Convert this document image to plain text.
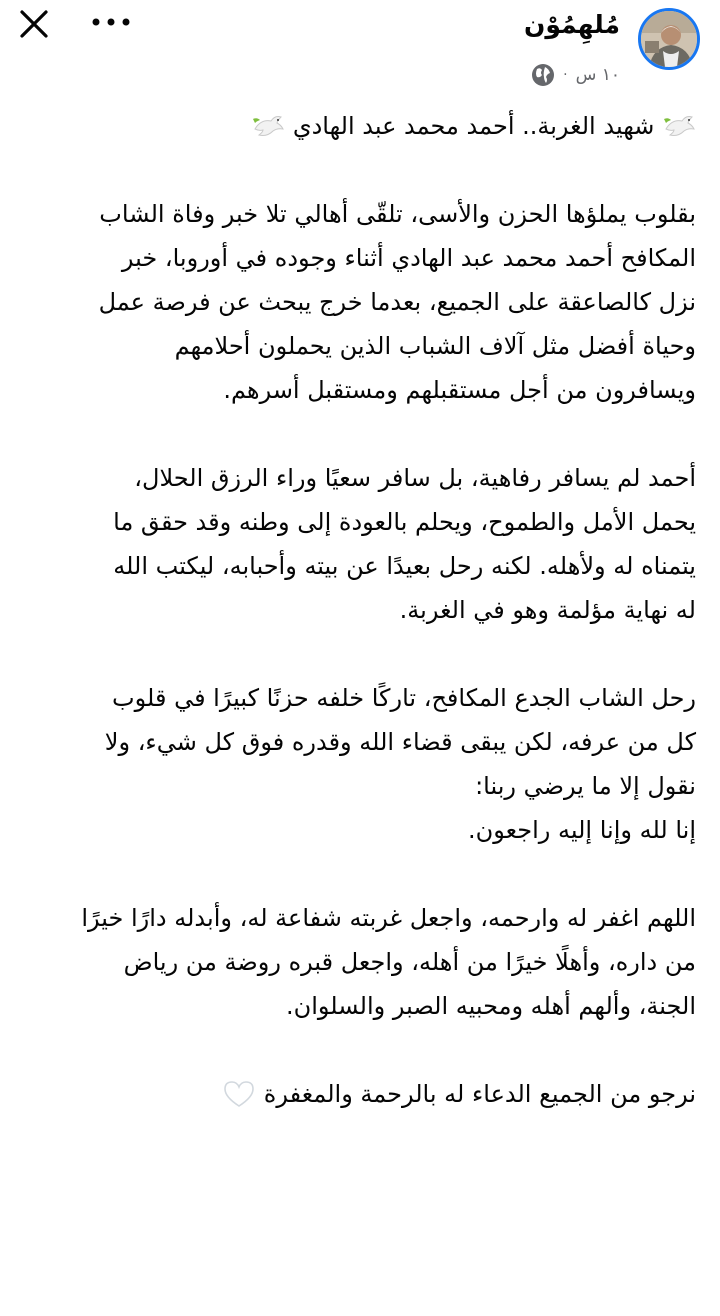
مُلهِمُوْن
١٠ س
·

شهيد الغربة.. أحمد محمد عبد الهادي

بقلوب يملؤها الحزن والأسى، تلقّى أهالي تلا خبر وفاة الشاب
المكافح أحمد محمد عبد الهادي أثناء وجوده في أوروبا، خبر
نزل كالصاعقة على الجميع، بعدما خرج يبحث عن فرصة عمل
وحياة أفضل مثل آلاف الشباب الذين يحملون أحلامهم
ويسافرون من أجل مستقبلهم ومستقبل أسرهم.

أحمد لم يسافر رفاهية، بل سافر سعيًا وراء الرزق الحلال،
يحمل الأمل والطموح، ويحلم بالعودة إلى وطنه وقد حقق ما
يتمناه له ولأهله. لكنه رحل بعيدًا عن بيته وأحبابه، ليكتب الله
له نهاية مؤلمة وهو في الغربة.

رحل الشاب الجدع المكافح، تاركًا خلفه حزنًا كبيرًا في قلوب
كل من عرفه، لكن يبقى قضاء الله وقدره فوق كل شيء، ولا
نقول إلا ما يرضي ربنا:
إنا لله وإنا إليه راجعون.

اللهم اغفر له وارحمه، واجعل غربته شفاعة له، وأبدله دارًا خيرًا
من داره، وأهلًا خيرًا من أهله، واجعل قبره روضة من رياض
الجنة، وألهم أهله ومحبيه الصبر والسلوان.

نرجو من الجميع الدعاء له بالرحمة والمغفرة
